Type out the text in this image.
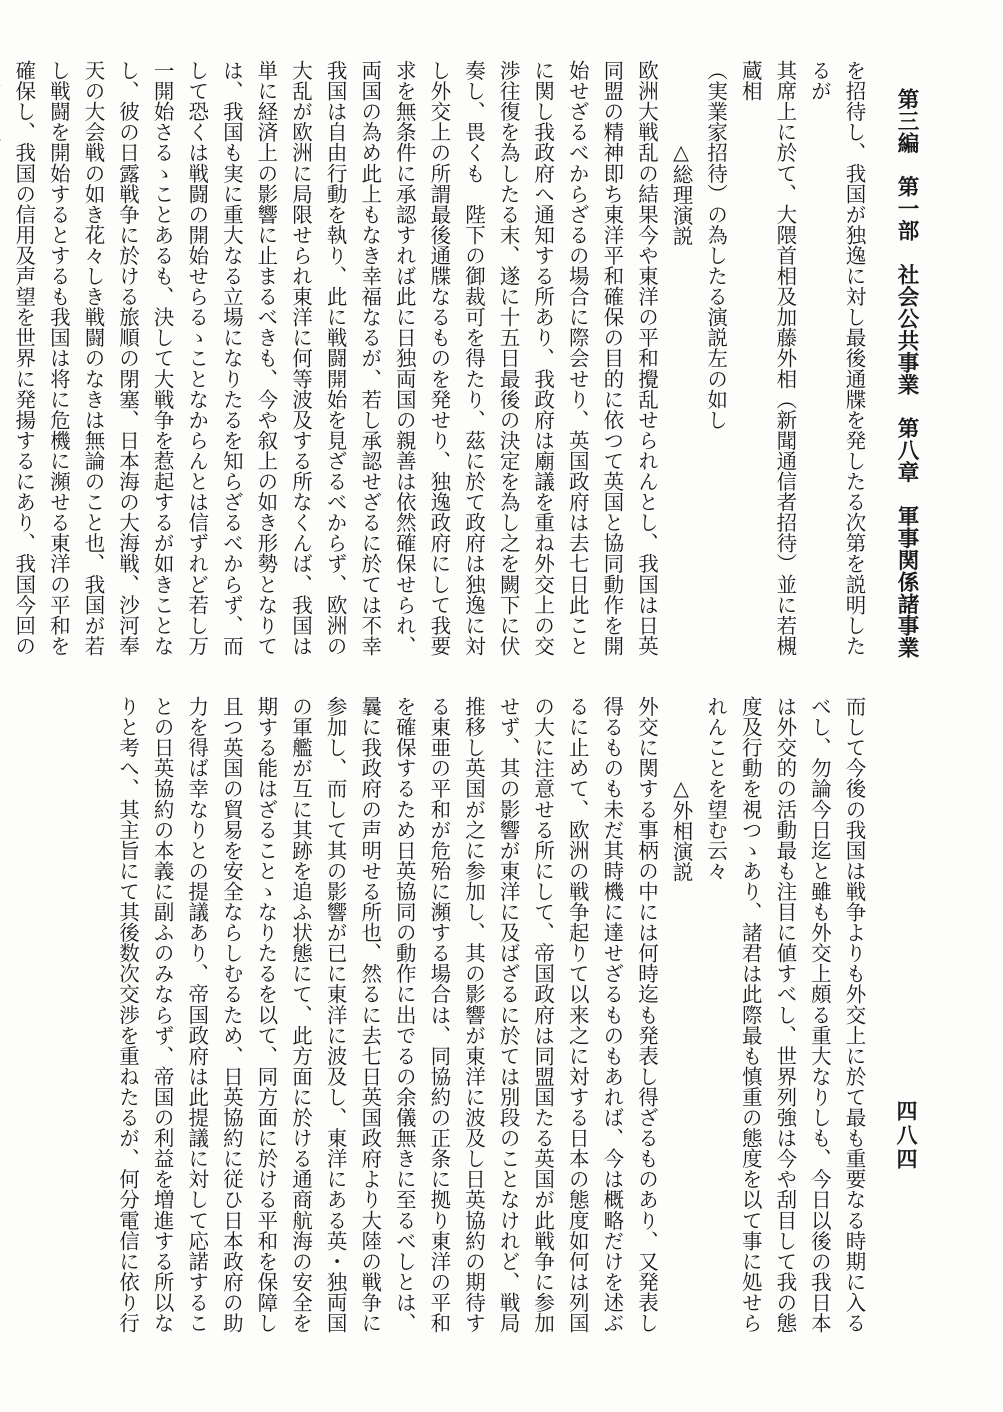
第三編　第一部　社会公共事業　第八章　軍事関係諸事業
四八四

を招待し、我国が独逸に対し最後通牒を発したる次第を説明したるが

其席上に於て、大隈首相及加藤外相（新聞通信者招待）並に若槻蔵相

（実業家招待）の為したる演説左の如し

△総理演説

欧洲大戦乱の結果今や東洋の平和攪乱せられんとし、我国は日英同盟の精神即ち東洋平和確保の目的に依つて英国と協同動作を開始せざるべからざるの場合に際会せり、英国政府は去七日此ことに関し我政府へ通知する所あり、我政府は廟議を重ね外交上の交渉往復を為したる末、遂に十五日最後の決定を為し之を闕下に伏奏し、畏くも　陛下の御裁可を得たり、茲に於て政府は独逸に対し外交上の所謂最後通牒なるものを発せり、独逸政府にして我要求を無条件に承認すれば此に日独両国の親善は依然確保せられ、両国の為め此上もなき幸福なるが、若し承認せざるに於ては不幸我国は自由行動を執り、此に戦闘開始を見ざるべからず、欧洲の大乱が欧洲に局限せられ東洋に何等波及する所なくんば、我国は単に経済上の影響に止まるべきも、今や叙上の如き形勢となりては、我国も実に重大なる立場になりたるを知らざるべからず、而して恐くは戦闘の開始せらるゝことなからんとは信ずれど若し万一開始さるゝことあるも、決して大戦争を惹起するが如きことなし、彼の日露戦争に於ける旅順の閉塞、日本海の大海戦、沙河奉天の大会戦の如き花々しき戦闘のなきは無論のこと也、我国が若し戦闘を開始するとするも我国は将に危機に瀕せる東洋の平和を確保し、我国の信用及声望を世界に発揚するにあり、我国今回の

而して今後の我国は戦争よりも外交上に於て最も重要なる時期に入るべし、勿論今日迄と雖も外交上頗る重大なりしも、今日以後の我日本は外交的の活動最も注目に値すべし、世界列強は今や刮目して我の態度及行動を視つゝあり、諸君は此際最も慎重の態度を以て事に処せられんことを望む云々

△外相演説

外交に関する事柄の中には何時迄も発表し得ざるものあり、又発表し得るものも未だ其時機に達せざるものもあれば、今は概略だけを述ぶるに止めて、欧洲の戦争起りて以来之に対する日本の態度如何は列国の大に注意せる所にして、帝国政府は同盟国たる英国が此戦争に参加せず、其の影響が東洋に及ばざるに於ては別段のことなけれど、戦局推移し英国が之に参加し、其の影響が東洋に波及し日英協約の期待する東亜の平和が危殆に瀕する場合は、同協約の正条に拠り東洋の平和を確保するため日英協同の動作に出でるの余儀無きに至るべしとは、曩に我政府の声明せる所也、然るに去七日英国政府より大陸の戦争に参加し、而して其の影響が已に東洋に波及し、東洋にある英・独両国の軍艦が互に其跡を追ふ状態にて、此方面に於ける通商航海の安全を期する能はざることゝなりたるを以て、同方面に於ける平和を保障し且つ英国の貿易を安全ならしむるため、日英協約に従ひ日本政府の助力を得ば幸なりとの提議あり、帝国政府は此提議に対して応諾することの日英協約の本義に副ふのみならず、帝国の利益を増進する所以なりと考へ、其主旨にて其後数次交渉を重ねたるが、何分電信に依り行
